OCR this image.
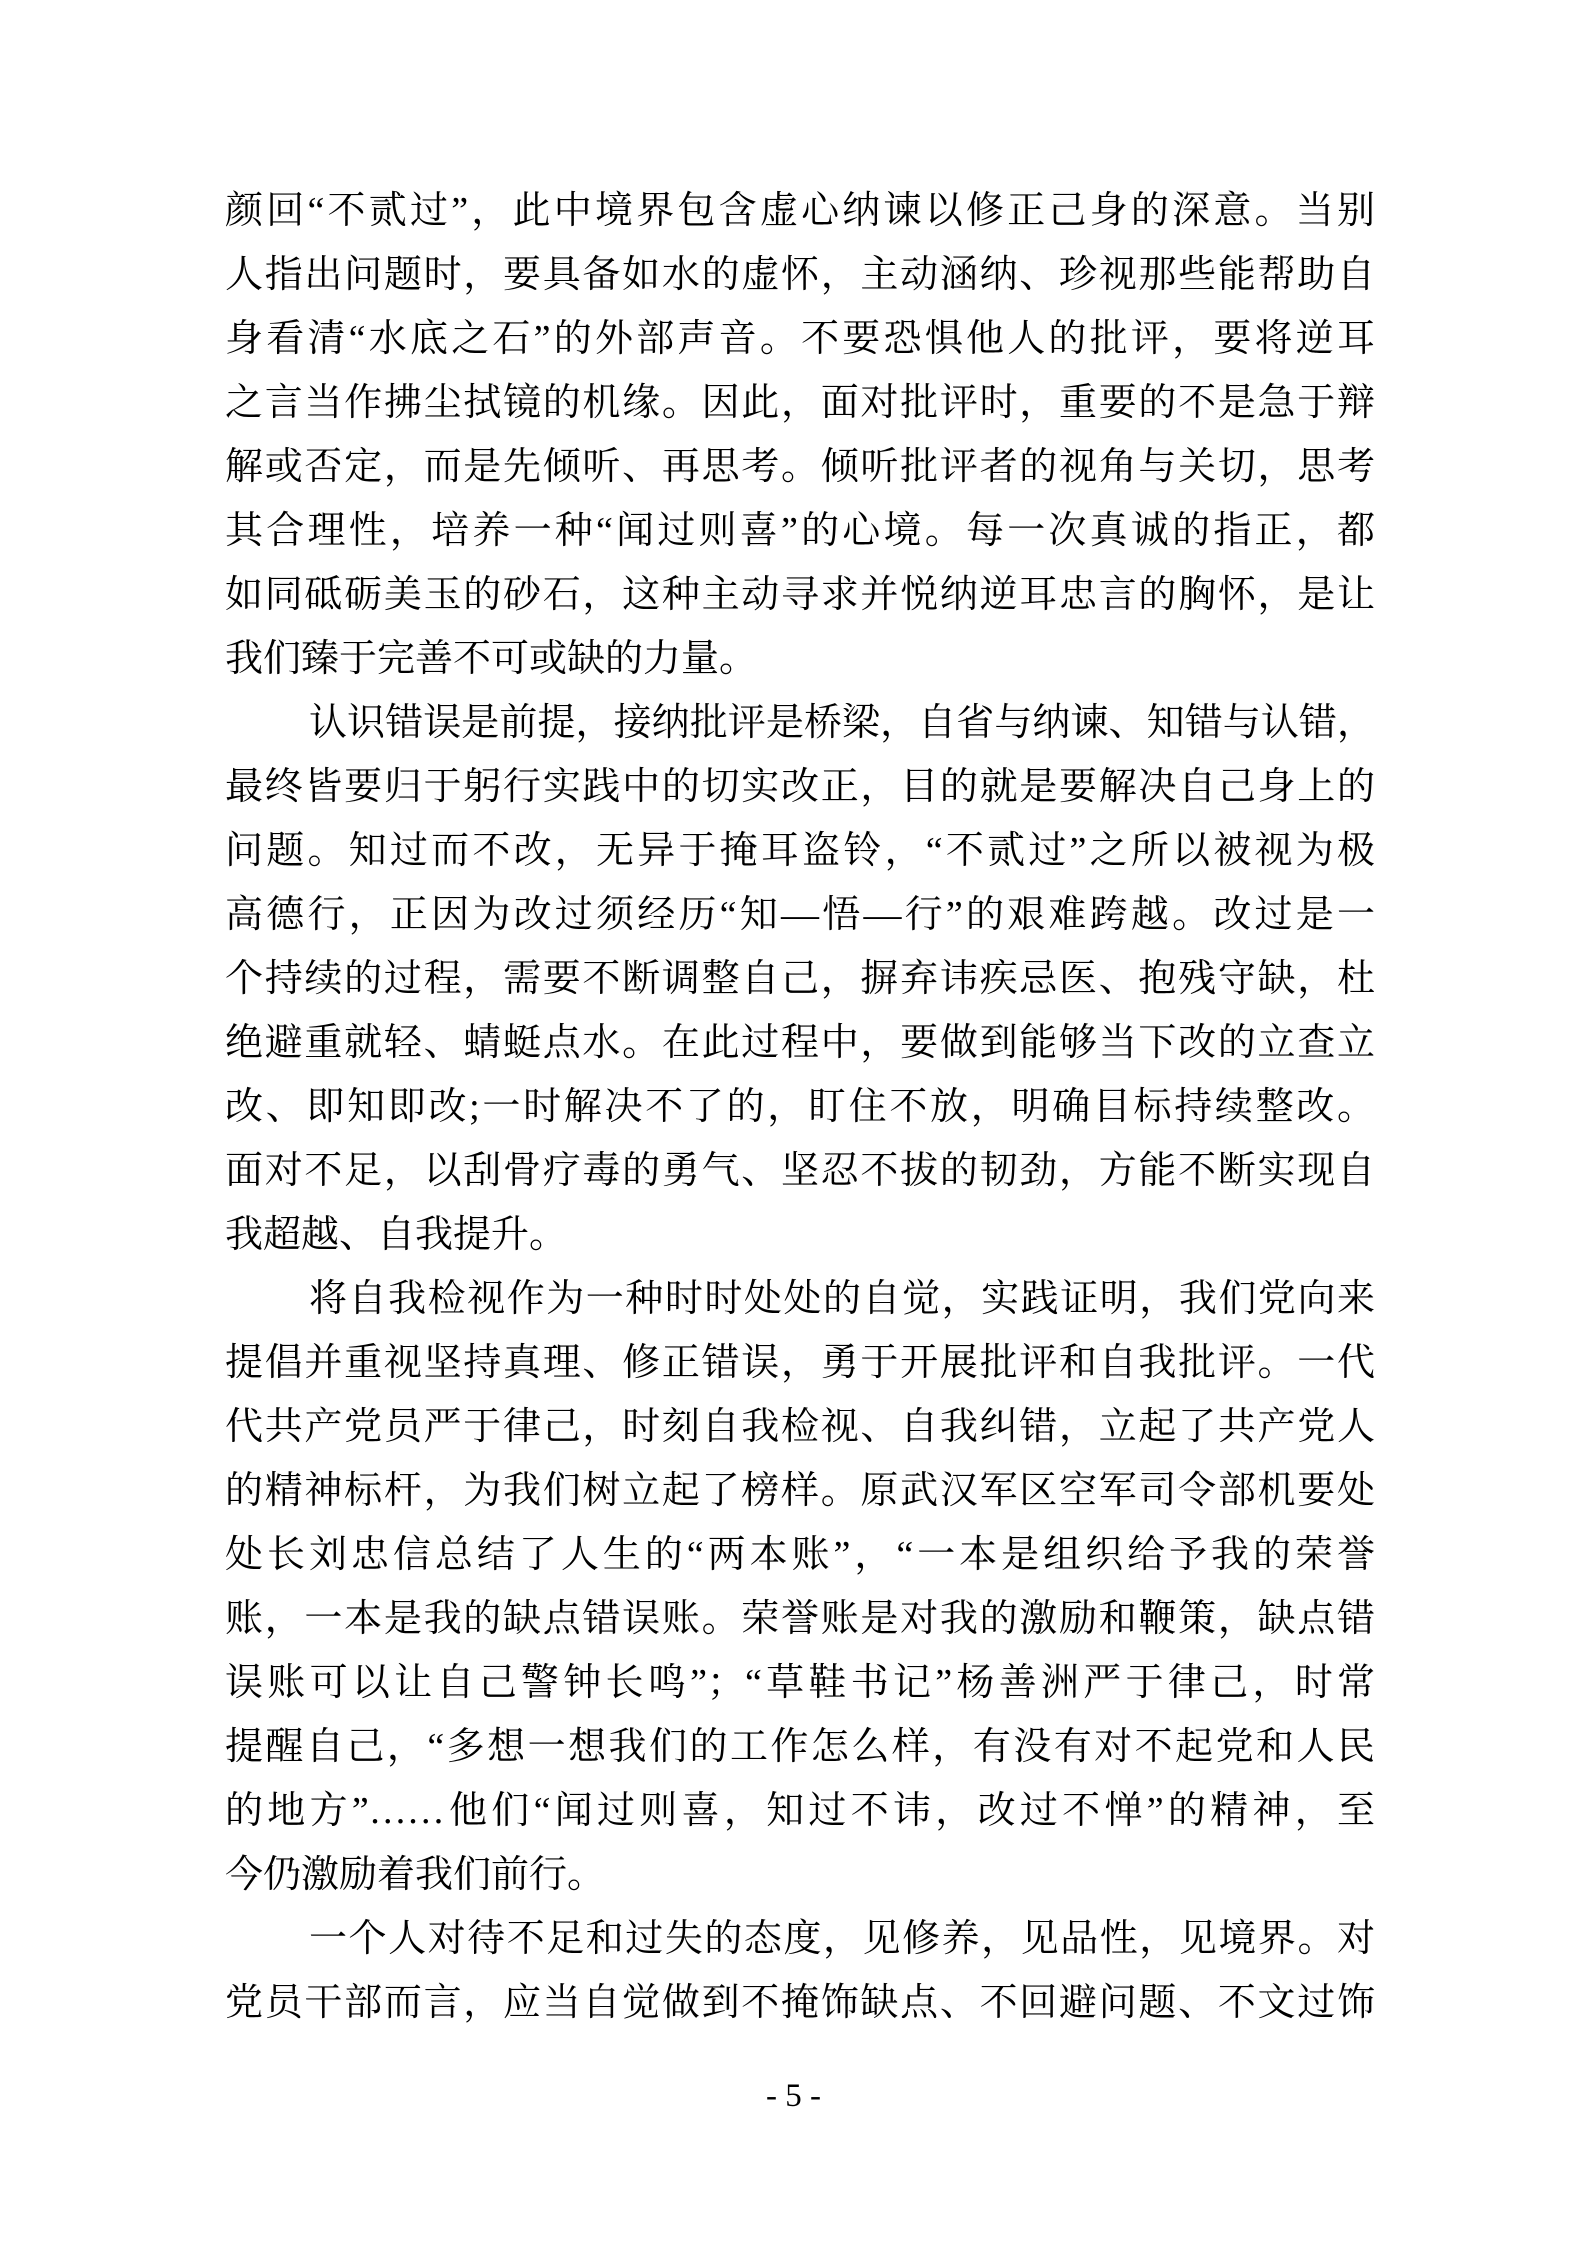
颜回“不贰过”，此中境界包含虚心纳谏以修正己身的深意。当别
人指出问题时，要具备如水的虚怀，主动涵纳、珍视那些能帮助自
身看清“水底之石”的外部声音。不要恐惧他人的批评，要将逆耳
之言当作拂尘拭镜的机缘。因此，面对批评时，重要的不是急于辩
解或否定，而是先倾听、再思考。倾听批评者的视角与关切，思考
其合理性，培养一种“闻过则喜”的心境。每一次真诚的指正，都
如同砥砺美玉的砂石，这种主动寻求并悦纳逆耳忠言的胸怀，是让
我们臻于完善不可或缺的力量。
认识错误是前提，接纳批评是桥梁，自省与纳谏、知错与认错，
最终皆要归于躬行实践中的切实改正，目的就是要解决自己身上的
问题。知过而不改，无异于掩耳盗铃，“不贰过”之所以被视为极
高德行，正因为改过须经历“知—悟—行”的艰难跨越。改过是一
个持续的过程，需要不断调整自己，摒弃讳疾忌医、抱残守缺，杜
绝避重就轻、蜻蜓点水。在此过程中，要做到能够当下改的立查立
改、即知即改;一时解决不了的，盯住不放，明确目标持续整改。
面对不足，以刮骨疗毒的勇气、坚忍不拔的韧劲，方能不断实现自
我超越、自我提升。
将自我检视作为一种时时处处的自觉，实践证明，我们党向来
提倡并重视坚持真理、修正错误，勇于开展批评和自我批评。一代
代共产党员严于律己，时刻自我检视、自我纠错，立起了共产党人
的精神标杆，为我们树立起了榜样。原武汉军区空军司令部机要处
处长刘忠信总结了人生的“两本账”，“一本是组织给予我的荣誉
账，一本是我的缺点错误账。荣誉账是对我的激励和鞭策，缺点错
误账可以让自己警钟长鸣”；“草鞋书记”杨善洲严于律己，时常
提醒自己，“多想一想我们的工作怎么样，有没有对不起党和人民
的地方”……他们“闻过则喜，知过不讳，改过不惮”的精神，至
今仍激励着我们前行。
一个人对待不足和过失的态度，见修养，见品性，见境界。对
党员干部而言，应当自觉做到不掩饰缺点、不回避问题、不文过饰
- 5 -
